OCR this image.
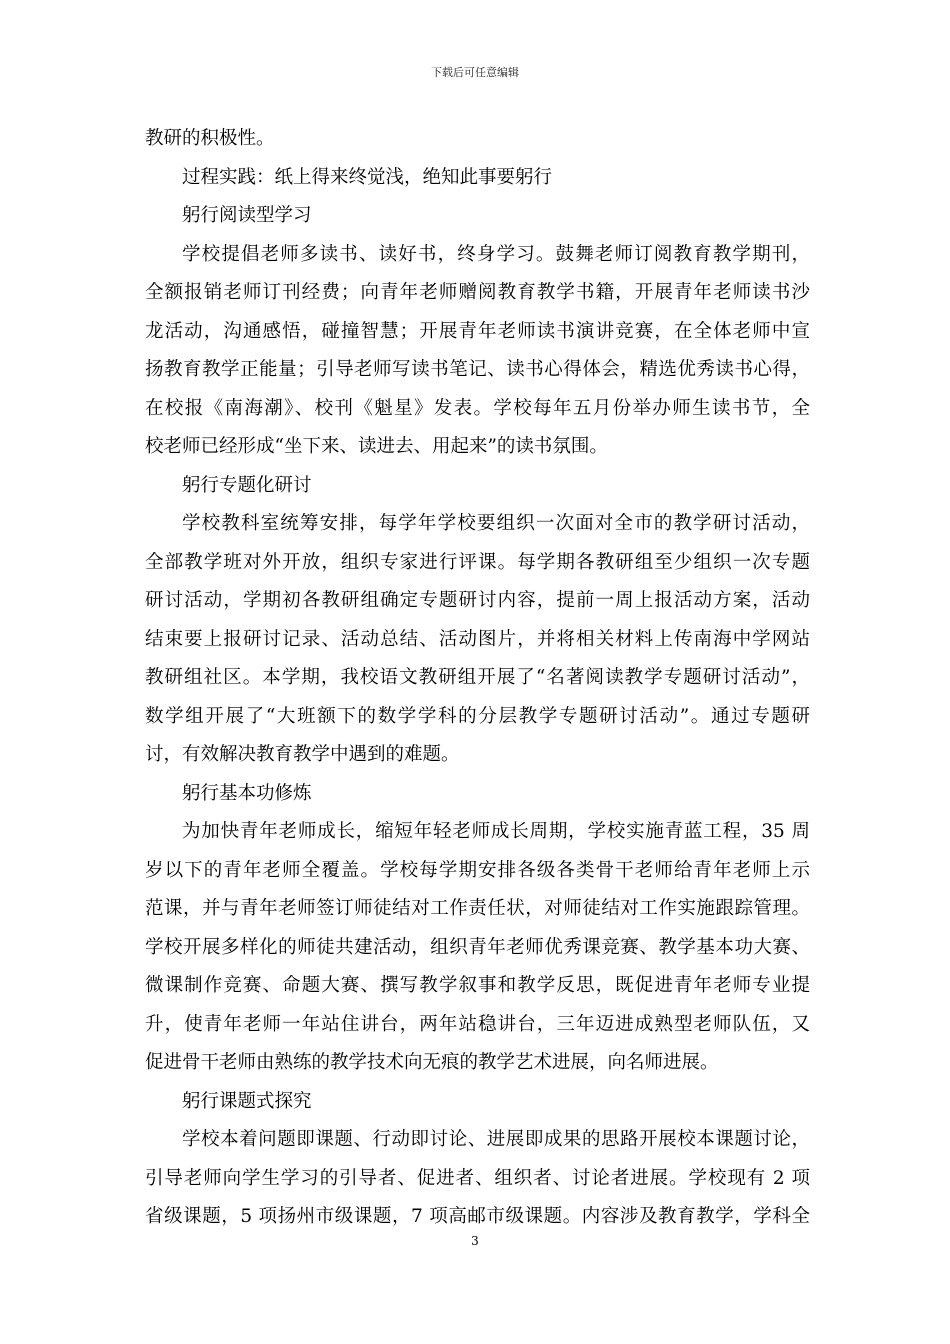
下载后可任意编辑
教研的积极性。
过程实践：纸上得来终觉浅，绝知此事要躬行
躬行阅读型学习
学校提倡老师多读书、读好书，终身学习。鼓舞老师订阅教育教学期刊，
全额报销老师订刊经费；向青年老师赠阅教育教学书籍，开展青年老师读书沙
龙活动，沟通感悟，碰撞智慧；开展青年老师读书演讲竞赛，在全体老师中宣
扬教育教学正能量；引导老师写读书笔记、读书心得体会，精选优秀读书心得，
在校报《南海潮》、校刊《魁星》发表。学校每年五月份举办师生读书节，全
校老师已经形成“坐下来、读进去、用起来”的读书氛围。
躬行专题化研讨
学校教科室统筹安排，每学年学校要组织一次面对全市的教学研讨活动，
全部教学班对外开放，组织专家进行评课。每学期各教研组至少组织一次专题
研讨活动，学期初各教研组确定专题研讨内容，提前一周上报活动方案，活动
结束要上报研讨记录、活动总结、活动图片，并将相关材料上传南海中学网站
教研组社区。本学期，我校语文教研组开展了“名著阅读教学专题研讨活动”，
数学组开展了“大班额下的数学学科的分层教学专题研讨活动”。通过专题研
讨，有效解决教育教学中遇到的难题。
躬行基本功修炼
为加快青年老师成长，缩短年轻老师成长周期，学校实施青蓝工程，35 周
岁以下的青年老师全覆盖。学校每学期安排各级各类骨干老师给青年老师上示
范课，并与青年老师签订师徒结对工作责任状，对师徒结对工作实施跟踪管理。
学校开展多样化的师徒共建活动，组织青年老师优秀课竞赛、教学基本功大赛、
微课制作竞赛、命题大赛、撰写教学叙事和教学反思，既促进青年老师专业提
升，使青年老师一年站住讲台，两年站稳讲台，三年迈进成熟型老师队伍，又
促进骨干老师由熟练的教学技术向无痕的教学艺术进展，向名师进展。
躬行课题式探究
学校本着问题即课题、行动即讨论、进展即成果的思路开展校本课题讨论，
引导老师向学生学习的引导者、促进者、组织者、讨论者进展。学校现有 2 项
省级课题，5 项扬州市级课题，7 项高邮市级课题。内容涉及教育教学，学科全
3
